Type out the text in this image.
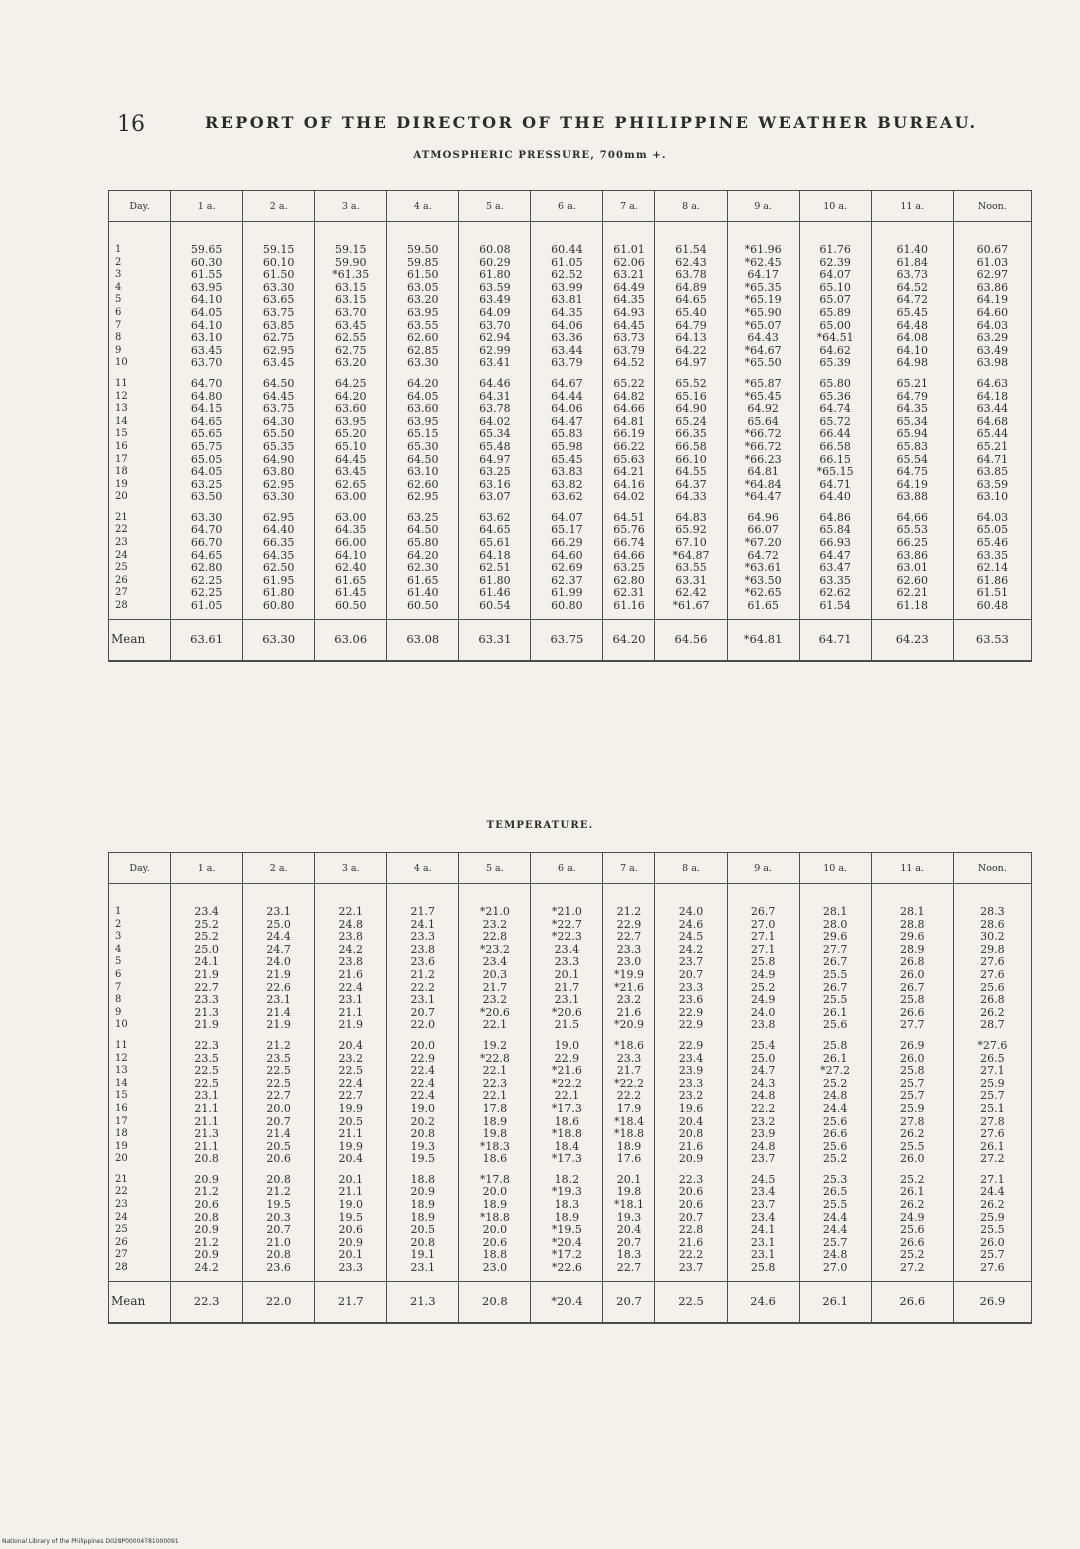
16	REPORT OF THE DIRECTOR OF THE PHILIPPINE WEATHER BUREAU.
ATMOSPHERIC PRESSURE, 700mm +.
Day.	1 a.	2 a.	3 a.	4 a.	5 a.	6 a.	7 a.	8 a.	9 a.	10 a.	11 a.	Noon.
1	59.65	59.15	59.15	59.50	60.08	60.44	61.01	61.54	*61.96	61.76	61.40	60.67
2	60.30	60.10	59.90	59.85	60.29	61.05	62.06	62.43	*62.45	62.39	61.84	61.03
3	61.55	61.50	*61.35	61.50	61.80	62.52	63.21	63.78	64.17	64.07	63.73	62.97
4	63.95	63.30	63.15	63.05	63.59	63.99	64.49	64.89	*65.35	65.10	64.52	63.86
5	64.10	63.65	63.15	63.20	63.49	63.81	64.35	64.65	*65.19	65.07	64.72	64.19
6	64.05	63.75	63.70	63.95	64.09	64.35	64.93	65.40	*65.90	65.89	65.45	64.60
7	64.10	63.85	63.45	63.55	63.70	64.06	64.45	64.79	*65.07	65.00	64.48	64.03
8	63.10	62.75	62.55	62.60	62.94	63.36	63.73	64.13	64.43	*64.51	64.08	63.29
9	63.45	62.95	62.75	62.85	62.99	63.44	63.79	64.22	*64.67	64.62	64.10	63.49
10	63.70	63.45	63.20	63.30	63.41	63.79	64.52	64.97	*65.50	65.39	64.98	63.98

11	64.70	64.50	64.25	64.20	64.46	64.67	65.22	65.52	*65.87	65.80	65.21	64.63
12	64.80	64.45	64.20	64.05	64.31	64.44	64.82	65.16	*65.45	65.36	64.79	64.18
13	64.15	63.75	63.60	63.60	63.78	64.06	64.66	64.90	64.92	64.74	64.35	63.44
14	64.65	64.30	63.95	63.95	64.02	64.47	64.81	65.24	65.64	65.72	65.34	64.68
15	65.65	65.50	65.20	65.15	65.34	65.83	66.19	66.35	*66.72	66.44	65.94	65.44
16	65.75	65.35	65.10	65.30	65.48	65.98	66.22	66.58	*66.72	66.58	65.83	65.21
17	65.05	64.90	64.45	64.50	64.97	65.45	65.63	66.10	*66.23	66.15	65.54	64.71
18	64.05	63.80	63.45	63.10	63.25	63.83	64.21	64.55	64.81	*65.15	64.75	63.85
19	63.25	62.95	62.65	62.60	63.16	63.82	64.16	64.37	*64.84	64.71	64.19	63.59
20	63.50	63.30	63.00	62.95	63.07	63.62	64.02	64.33	*64.47	64.40	63.88	63.10

21	63.30	62.95	63.00	63.25	63.62	64.07	64.51	64.83	64.96	64.86	64.66	64.03
22	64.70	64.40	64.35	64.50	64.65	65.17	65.76	65.92	66.07	65.84	65.53	65.05
23	66.70	66.35	66.00	65.80	65.61	66.29	66.74	67.10	*67.20	66.93	66.25	65.46
24	64.65	64.35	64.10	64.20	64.18	64.60	64.66	*64.87	64.72	64.47	63.86	63.35
25	62.80	62.50	62.40	62.30	62.51	62.69	63.25	63.55	*63.61	63.47	63.01	62.14
26	62.25	61.95	61.65	61.65	61.80	62.37	62.80	63.31	*63.50	63.35	62.60	61.86
27	62.25	61.80	61.45	61.40	61.46	61.99	62.31	62.42	*62.65	62.62	62.21	61.51
28	61.05	60.80	60.50	60.50	60.54	60.80	61.16	*61.67	61.65	61.54	61.18	60.48
Mean	63.61	63.30	63.06	63.08	63.31	63.75	64.20	64.56	*64.81	64.71	64.23	63.53
TEMPERATURE.
Day.	1 a.	2 a.	3 a.	4 a.	5 a.	6 a.	7 a.	8 a.	9 a.	10 a.	11 a.	Noon.
1	23.4	23.1	22.1	21.7	*21.0	*21.0	21.2	24.0	26.7	28.1	28.1	28.3
2	25.2	25.0	24.8	24.1	23.2	*22.7	22.9	24.6	27.0	28.0	28.8	28.6
3	25.2	24.4	23.8	23.3	22.8	*22.3	22.7	24.5	27.1	29.6	29.6	30.2
4	25.0	24.7	24.2	23.8	*23.2	23.4	23.3	24.2	27.1	27.7	28.9	29.8
5	24.1	24.0	23.8	23.6	23.4	23.3	23.0	23.7	25.8	26.7	26.8	27.6
6	21.9	21.9	21.6	21.2	20.3	20.1	*19.9	20.7	24.9	25.5	26.0	27.6
7	22.7	22.6	22.4	22.2	21.7	21.7	*21.6	23.3	25.2	26.7	26.7	25.6
8	23.3	23.1	23.1	23.1	23.2	23.1	23.2	23.6	24.9	25.5	25.8	26.8
9	21.3	21.4	21.1	20.7	*20.6	*20.6	21.6	22.9	24.0	26.1	26.6	26.2
10	21.9	21.9	21.9	22.0	22.1	21.5	*20.9	22.9	23.8	25.6	27.7	28.7

11	22.3	21.2	20.4	20.0	19.2	19.0	*18.6	22.9	25.4	25.8	26.9	*27.6
12	23.5	23.5	23.2	22.9	*22.8	22.9	23.3	23.4	25.0	26.1	26.0	26.5
13	22.5	22.5	22.5	22.4	22.1	*21.6	21.7	23.9	24.7	*27.2	25.8	27.1
14	22.5	22.5	22.4	22.4	22.3	*22.2	*22.2	23.3	24.3	25.2	25.7	25.9
15	23.1	22.7	22.7	22.4	22.1	22.1	22.2	23.2	24.8	24.8	25.7	25.7
16	21.1	20.0	19.9	19.0	17.8	*17.3	17.9	19.6	22.2	24.4	25.9	25.1
17	21.1	20.7	20.5	20.2	18.9	18.6	*18.4	20.4	23.2	25.6	27.8	27.8
18	21.3	21.4	21.1	20.8	19.8	*18.8	*18.8	20.8	23.9	26.6	26.2	27.6
19	21.1	20.5	19.9	19.3	*18.3	18.4	18.9	21.6	24.8	25.6	25.5	26.1
20	20.8	20.6	20.4	19.5	18.6	*17.3	17.6	20.9	23.7	25.2	26.0	27.2

21	20.9	20.8	20.1	18.8	*17.8	18.2	20.1	22.3	24.5	25.3	25.2	27.1
22	21.2	21.2	21.1	20.9	20.0	*19.3	19.8	20.6	23.4	26.5	26.1	24.4
23	20.6	19.5	19.0	18.9	18.9	18.3	*18.1	20.6	23.7	25.5	26.2	26.2
24	20.8	20.3	19.5	18.9	*18.8	18.9	19.3	20.7	23.4	24.4	24.9	25.9
25	20.9	20.7	20.6	20.5	20.0	*19.5	20.4	22.8	24.1	24.4	25.6	25.5
26	21.2	21.0	20.9	20.8	20.6	*20.4	20.7	21.6	23.1	25.7	26.6	26.0
27	20.9	20.8	20.1	19.1	18.8	*17.2	18.3	22.2	23.1	24.8	25.2	25.7
28	24.2	23.6	23.3	23.1	23.0	*22.6	22.7	23.7	25.8	27.0	27.2	27.6
Mean	22.3	22.0	21.7	21.3	20.8	*20.4	20.7	22.5	24.6	26.1	26.6	26.9
National Library of the Philippines D028P00004781000091
